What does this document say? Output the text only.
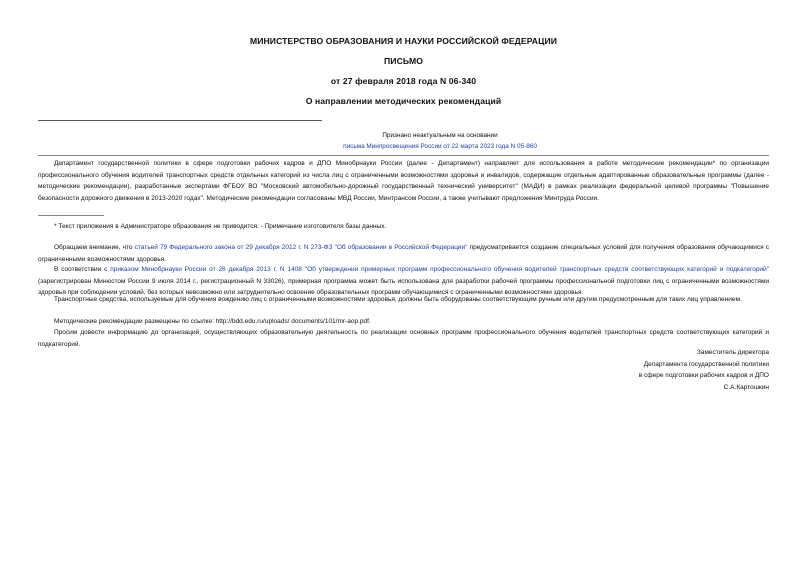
МИНИСТЕРСТВО ОБРАЗОВАНИЯ И НАУКИ РОССИЙСКОЙ ФЕДЕРАЦИИ
ПИСЬМО
от 27 февраля 2018 года N 06-340
О направлении методических рекомендаций
Признано неактуальным на основании
письма Минпросвещения России от 22 марта 2023 года N 05-860
Департамент государственной политики в сфере подготовки рабочих кадров и ДПО Минобрнауки России (далее - Департамент) направляет для использования в работе методические рекомендации* по организации профессионального обучения водителей транспортных средств отдельных категорий из числа лиц с ограниченными возможностями здоровья и инвалидов, содержащие отдельные адаптированные образовательные программы (далее - методические рекомендации), разработанные экспертами ФГБОУ ВО "Московский автомобильно-дорожный государственный технический университет" (МАДИ) в рамках реализации федеральной целевой программы "Повышение безопасности дорожного движения в 2013-2020 годах". Методические рекомендации согласованы МВД России, Минтрансом России, а также учитывают предложения Минтруда России.
* Текст приложения в Администраторе образования не приводится. - Примечание изготовителя базы данных.
Обращаем внимание, что статьей 79 Федерального закона от 29 декабря 2012 г. N 273-ФЗ "Об образовании в Российской Федерации" предусматривается создание специальных условий для получения образования обучающимися с ограниченными возможностями здоровья.
В соответствии с приказом Минобрнауки России от 26 декабря 2013 г. N 1408 "Об утверждении примерных программ профессионального обучения водителей транспортных средств соответствующих категорий и подкатегорий" (зарегистрирован Минюстом России 9 июля 2014 г., регистрационный N 33026), примерная программа может быть использована для разработки рабочей программы профессиональной подготовки лиц с ограниченными возможностями здоровья при соблюдении условий, без которых невозможно или затруднительно освоение образовательных программ обучающимися с ограниченными возможностями здоровья.
Транспортные средства, используемые для обучения вождению лиц с ограниченными возможностями здоровья, должны быть оборудованы соответствующим ручным или другим предусмотренным для таких лиц управлением.
Методические рекомендации размещены по ссылке: http://bdd.edu.ru/uploads/ documents/101/mr-aop.pdf.
Просим довести информацию до организаций, осуществляющих образовательную деятельность по реализации основных программ профессионального обучения водителей транспортных средств соответствующих категорий и подкатегорий.
Заместитель директора
Департамента государственной политики
в сфере подготовки рабочих кадров и ДПО
С.А.Картошкин
